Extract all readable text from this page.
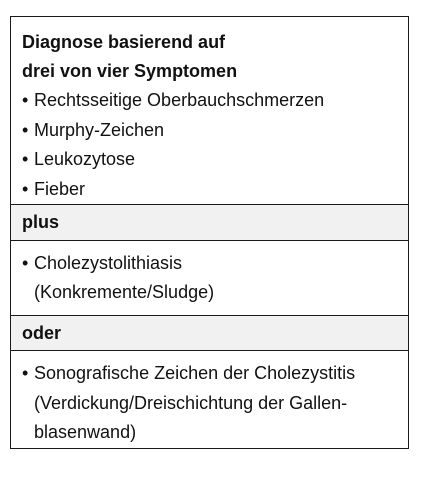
Diagnose basierend auf
drei von vier Symptomen
• Rechtsseitige Oberbauchschmerzen
• Murphy-Zeichen
• Leukozytose
• Fieber
plus
• Cholezystolithiasis
(Konkremente/Sludge)
oder
• Sonografische Zeichen der Cholezystitis
(Verdickung/Dreischichtung der Gallen-
blasenwand)
